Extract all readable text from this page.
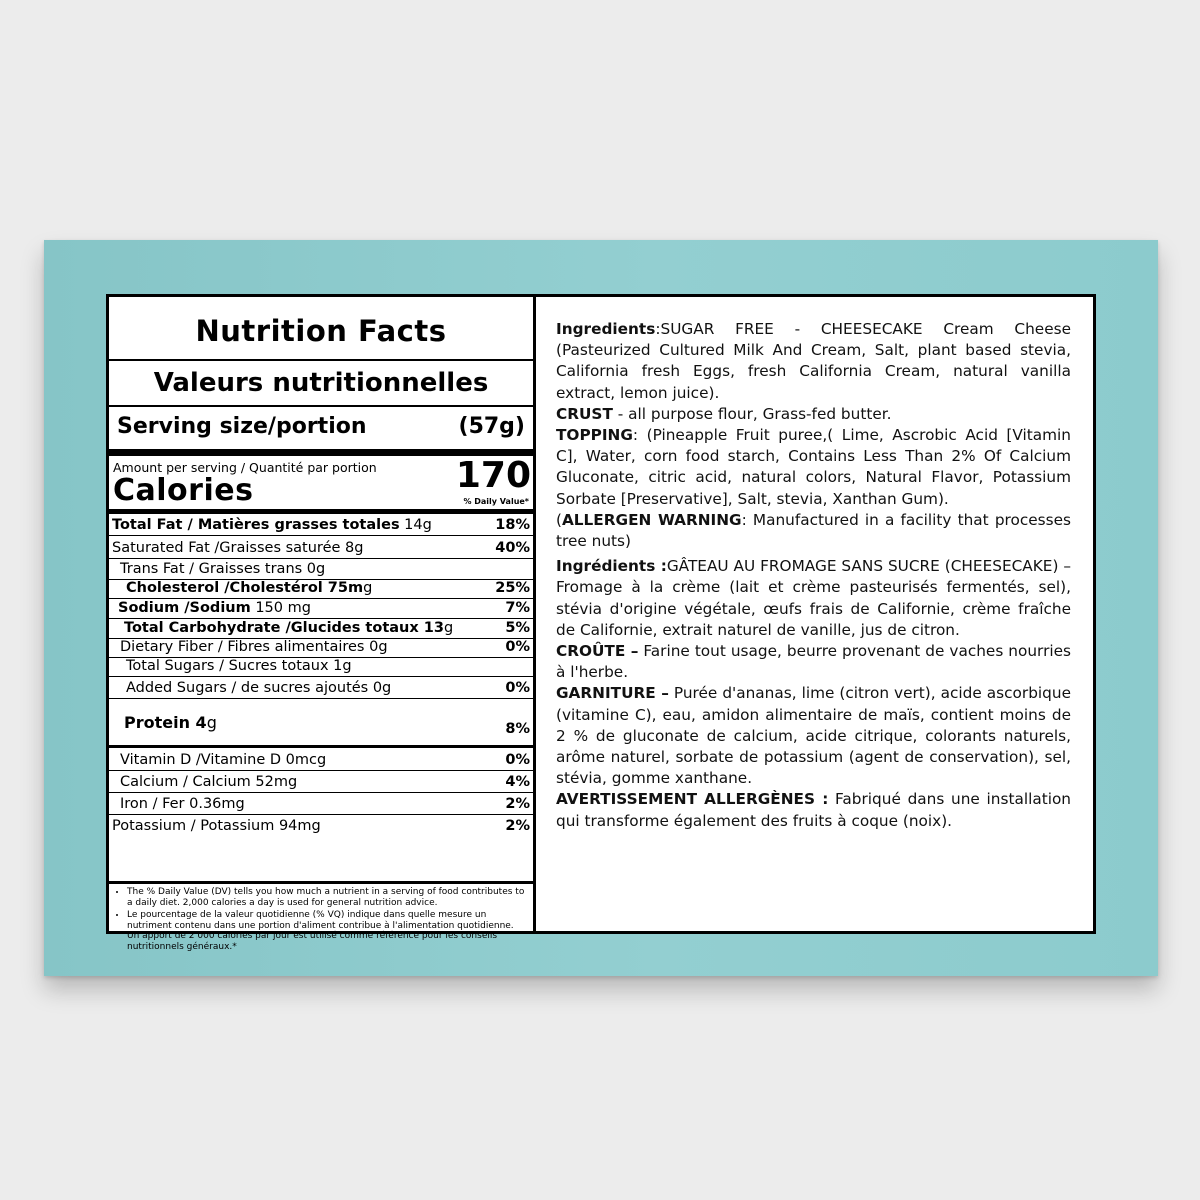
Nutrition Facts
Valeurs nutritionnelles
Serving size/portion	(57g)
Amount per serving / Quantité par portion
Calories	170
% Daily Value*
Total Fat / Matières grasses totales 14g	18%
Saturated Fat /Graisses saturée 8g	40%
Trans Fat / Graisses trans 0g
Cholesterol /Cholestérol 75mg	25%
Sodium /Sodium 150 mg	7%
Total Carbohydrate /Glucides totaux 13g	5%
Dietary Fiber / Fibres alimentaires 0g	0%
Total Sugars / Sucres totaux 1g
Added Sugars / de sucres ajoutés 0g	0%
Protein 4g	8%
Vitamin D /Vitamine D 0mcg	0%
Calcium / Calcium 52mg	4%
Iron / Fer 0.36mg	2%
Potassium / Potassium 94mg	2%
• The % Daily Value (DV) tells you how much a nutrient in a serving of food contributes to a daily diet. 2,000 calories a day is used for general nutrition advice.
• Le pourcentage de la valeur quotidienne (% VQ) indique dans quelle mesure un nutriment contenu dans une portion d'aliment contribue à l'alimentation quotidienne. Un apport de 2 000 calories par jour est utilisé comme référence pour les conseils nutritionnels généraux.*

Ingredients:SUGAR FREE - CHEESECAKE Cream Cheese (Pasteurized Cultured Milk And Cream, Salt, plant based stevia, California fresh Eggs, fresh California Cream, natural vanilla extract, lemon juice).

CRUST - all purpose flour, Grass-fed butter.

TOPPING: (Pineapple Fruit puree,( Lime, Ascrobic Acid [Vitamin C], Water, corn food starch, Contains Less Than 2% Of Calcium Gluconate, citric acid, natural colors, Natural Flavor, Potassium Sorbate [Preservative], Salt, stevia, Xanthan Gum).

(ALLERGEN WARNING: Manufactured in a facility that processes tree nuts)

Ingrédients :GÂTEAU AU FROMAGE SANS SUCRE (CHEESECAKE) – Fromage à la crème (lait et crème pasteurisés fermentés, sel), stévia d'origine végétale, œufs frais de Californie, crème fraîche de Californie, extrait naturel de vanille, jus de citron.

CROÛTE – Farine tout usage, beurre provenant de vaches nourries à l'herbe.

GARNITURE – Purée d'ananas, lime (citron vert), acide ascorbique (vitamine C), eau, amidon alimentaire de maïs, contient moins de 2 % de gluconate de calcium, acide citrique, colorants naturels, arôme naturel, sorbate de potassium (agent de conservation), sel, stévia, gomme xanthane.

AVERTISSEMENT ALLERGÈNES : Fabriqué dans une installation qui transforme également des fruits à coque (noix).
